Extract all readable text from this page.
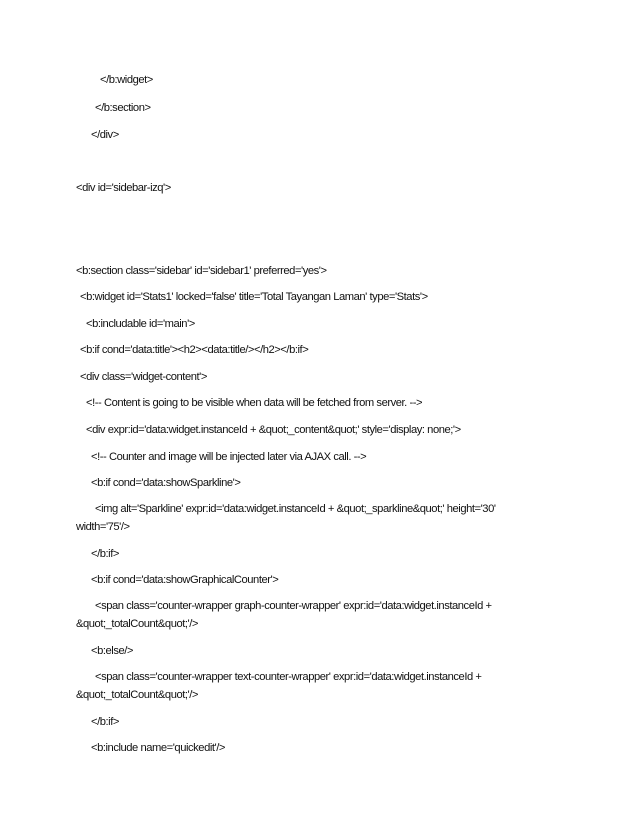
</b:widget>
</b:section>
</div>
<div id='sidebar-izq'>
<b:section class='sidebar' id='sidebar1' preferred='yes'>
<b:widget id='Stats1' locked='false' title='Total Tayangan Laman' type='Stats'>
<b:includable id='main'>
<b:if cond='data:title'><h2><data:title/></h2></b:if>
<div class='widget-content'>
<!-- Content is going to be visible when data will be fetched from server. -->
<div expr:id='data:widget.instanceId + &quot;_content&quot;' style='display: none;'>
<!-- Counter and image will be injected later via AJAX call. -->
<b:if cond='data:showSparkline'>
<img alt='Sparkline' expr:id='data:widget.instanceId + &quot;_sparkline&quot;' height='30'
width='75'/>
</b:if>
<b:if cond='data:showGraphicalCounter'>
<span class='counter-wrapper graph-counter-wrapper' expr:id='data:widget.instanceId +
&quot;_totalCount&quot;'/>
<b:else/>
<span class='counter-wrapper text-counter-wrapper' expr:id='data:widget.instanceId +
&quot;_totalCount&quot;'/>
</b:if>
<b:include name='quickedit'/>
